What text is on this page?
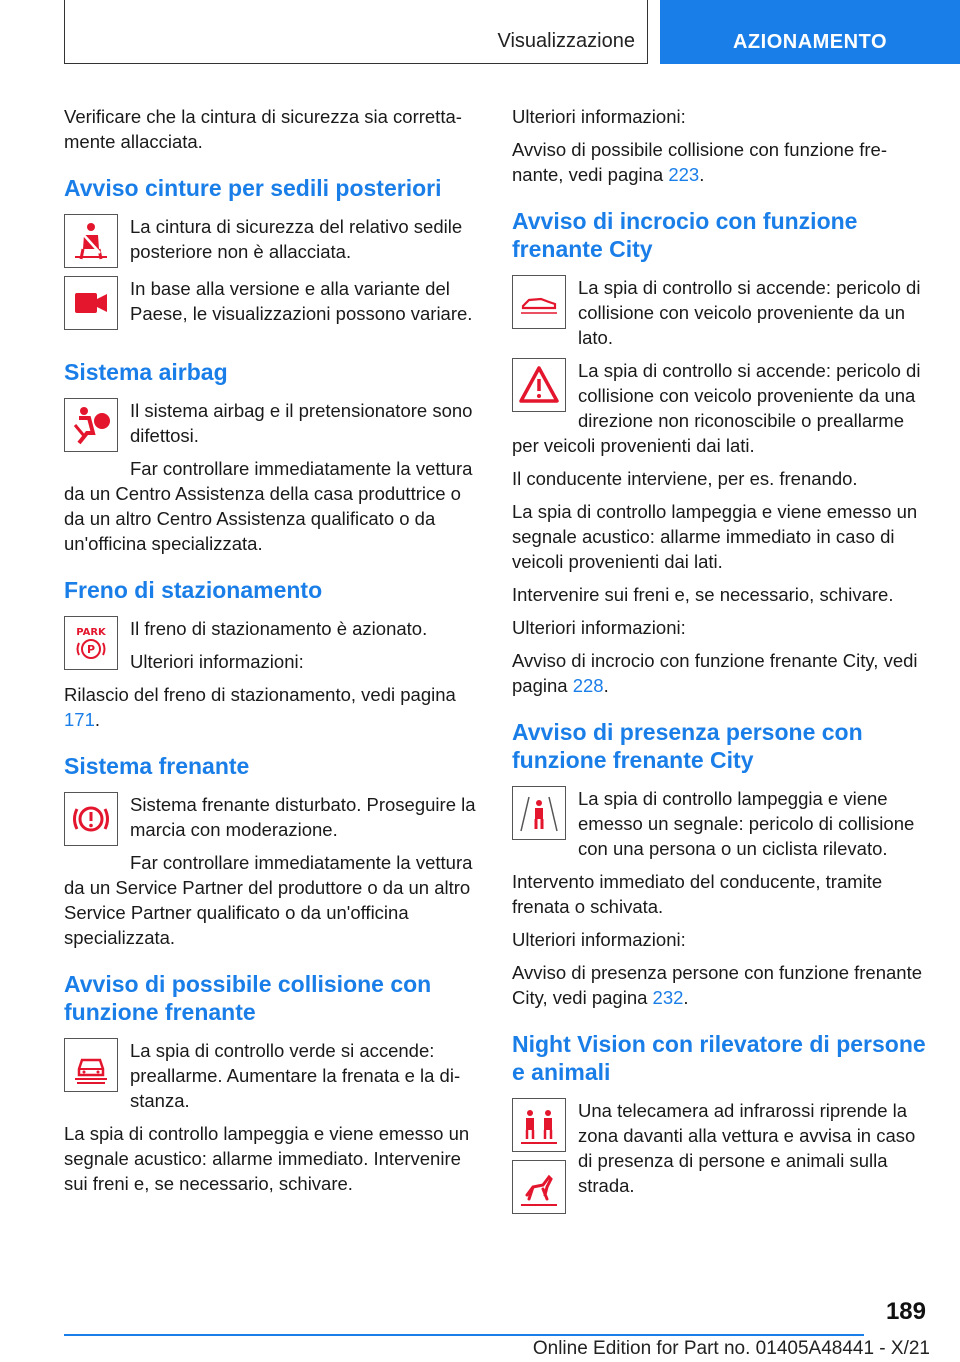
Visualizzazione	AZIONAMENTO

Verificare che la cintura di sicurezza sia correttamente allacciata.

Avviso cinture per sedili posteriori

La cintura di sicurezza del relativo sedile posteriore non è allacciata.

In base alla versione e alla variante del Paese, le visualizzazioni possono variare.

Sistema airbag

Il sistema airbag e il pretensionatore sono difettosi.

Far controllare immediatamente la vettura da un Centro Assistenza della casa produttrice o da un altro Centro Assistenza qualificato o da un'officina specializzata.

Freno di stazionamento
PARK
P

Il freno di stazionamento è azionato.

Ulteriori informazioni:

Rilascio del freno di stazionamento, vedi pagina 171.

Sistema frenante

Sistema frenante disturbato. Proseguire la marcia con moderazione.

Far controllare immediatamente la vettura da un Service Partner del produttore o da un altro Service Partner qualificato o da un'officina specializzata.

Avviso di possibile collisione con funzione frenante

La spia di controllo verde si accende: preallarme. Aumentare la frenata e la distanza.

La spia di controllo lampeggia e viene emesso un segnale acustico: allarme immediato. Intervenire sui freni e, se necessario, schivare.

Ulteriori informazioni:

Avviso di possibile collisione con funzione frenante, vedi pagina 223.

Avviso di incrocio con funzione frenante City

La spia di controllo si accende: pericolo di collisione con veicolo proveniente da un lato.

La spia di controllo si accende: pericolo di collisione con veicolo proveniente da una direzione non riconoscibile o preallarme per veicoli provenienti dai lati.

Il conducente interviene, per es. frenando.

La spia di controllo lampeggia e viene emesso un segnale acustico: allarme immediato in caso di veicoli provenienti dai lati.

Intervenire sui freni e, se necessario, schivare.

Ulteriori informazioni:

Avviso di incrocio con funzione frenante City, vedi pagina 228.

Avviso di presenza persone con funzione frenante City

La spia di controllo lampeggia e viene emesso un segnale: pericolo di collisione con una persona o un ciclista rilevato.

Intervento immediato del conducente, tramite frenata o schivata.

Ulteriori informazioni:

Avviso di presenza persone con funzione frenante City, vedi pagina 232.

Night Vision con rilevatore di persone e animali

Una telecamera ad infrarossi riprende la zona davanti alla vettura e avvisa in caso di presenza di persone e animali sulla strada.

189
Online Edition for Part no. 01405A48441 - X/21
